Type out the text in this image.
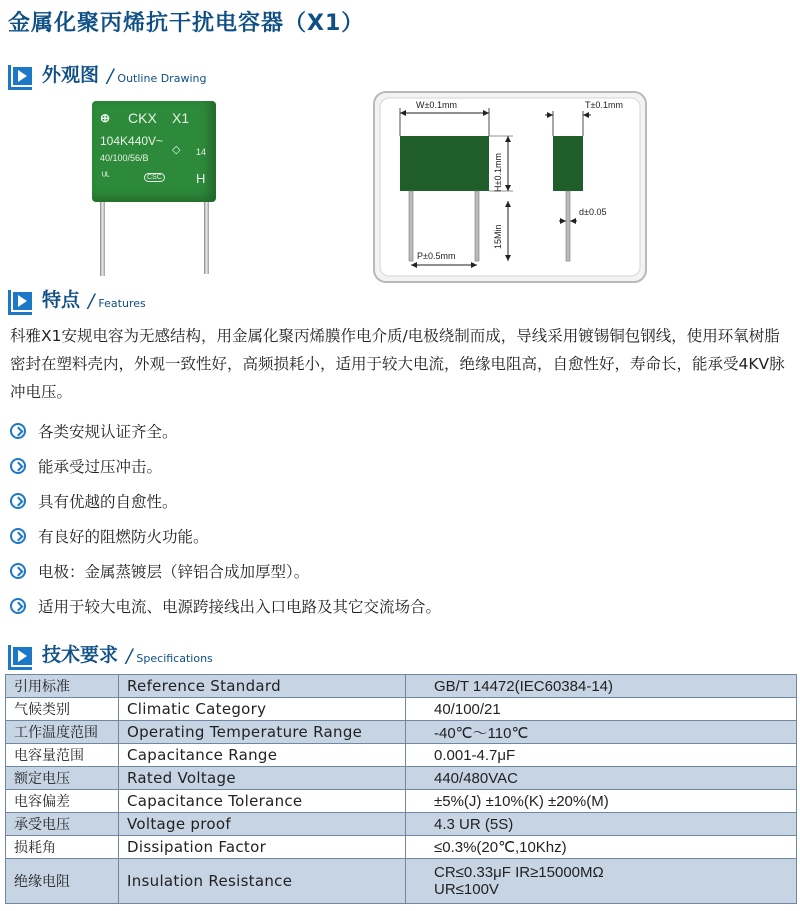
金属化聚丙烯抗干扰电容器（X1）
外观图 / Outline Drawing
⊕ CKX X1
104K440V~
40/100/56/B
14
◇
ᵁᴸ	CSC	H
W±0.1mm
H±0.1mm
15Min
P±0.5mm
T±0.1mm
d±0.05
特点 / Features
科雅X1安规电容为无感结构，用金属化聚丙烯膜作电介质/电极绕制而成，导线采用镀锡铜包钢线，使用环氧树脂密封在塑料壳内，外观一致性好，高频损耗小，适用于较大电流，绝缘电阻高，自愈性好，寿命长，能承受4KV脉冲电压。
各类安规认证齐全。
能承受过压冲击。
具有优越的自愈性。
有良好的阻燃防火功能。
电极：金属蒸镀层（锌铝合成加厚型）。
适用于较大电流、电源跨接线出入口电路及其它交流场合。
技术要求 / Specifications
引用标准	Reference Standard	GB/T 14472(IEC60384-14)
气候类别	Climatic Category	40/100/21
工作温度范围	Operating Temperature Range	-40℃～110℃
电容量范围	Capacitance Range	0.001-4.7μF
额定电压	Rated Voltage	440/480VAC
电容偏差	Capacitance Tolerance	±5%(J) ±10%(K) ±20%(M)
承受电压	Voltage proof	4.3 UR (5S)
损耗角	Dissipation Factor	≤0.3%(20℃,10Khz)
绝缘电阻	Insulation Resistance	CR≤0.33μF IR≥15000MΩ
UR≤100V
